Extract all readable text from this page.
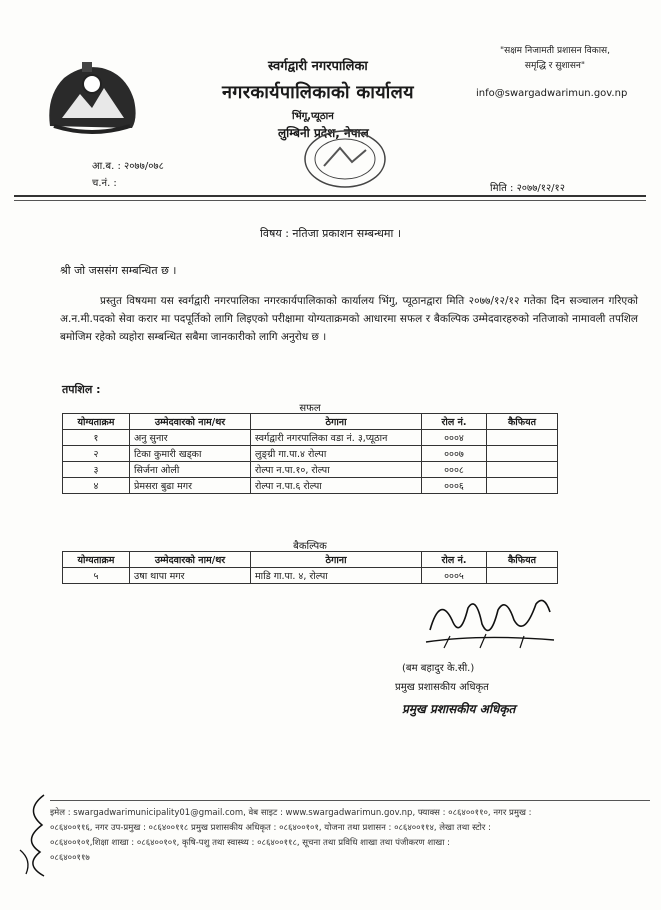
स्वर्गद्वारी नगरपालिका
नगरकार्यपालिकाको कार्यालय
भिंगू,प्यूठान
लुम्बिनी प्रदेश, नेपाल
"सक्षम निजामती प्रशासन विकास,
समृद्धि र सुशासन"
info@swargadwarimun.gov.np
आ.ब. : २०७७/०७८
च.नं. :	मिति : २०७७/१२/१२
विषय : नतिजा प्रकाशन सम्बन्धमा ।
श्री जो जससंग सम्बन्धित छ ।
प्रस्तुत विषयमा यस स्वर्गद्वारी नगरपालिका नगरकार्यपालिकाको कार्यालय भिंगु, प्यूठानद्वारा मिति २०७७/१२/१२ गतेका दिन सञ्चालन गरिएको अ.न.मी.पदको सेवा करार मा पदपूर्तिको लागि लिइएको परीक्षामा योग्यताक्रमको आधारमा सफल र बैकल्पिक उम्मेदवारहरुको नतिजाको नामावली तपशिल बमोजिम रहेको व्यहोरा सम्बन्धित सबैमा जानकारीको लागि अनुरोध छ ।
तपशिल :
सफल
योग्यताक्रम	उम्मेदवारको नाम/थर	ठेगाना	रोल नं.	कैफियत
१	अनु सुनार	स्वर्गद्वारी नगरपालिका वडा नं. ३,प्यूठान	०००४	
२	टिका कुमारी खड्का	लुङ्ग्री गा.पा.४ रोल्पा	०००७	
३	सिर्जना ओली	रोल्पा न.पा.१०, रोल्पा	०००८	
४	प्रेमसरा बुढा मगर	रोल्पा न.पा.६ रोल्पा	०००६	
बैकल्पिक
योग्यताक्रम	उम्मेदवारको नाम/थर	ठेगाना	रोल नं.	कैफियत
५	उषा थापा मगर	माडि गा.पा. ४, रोल्पा	०००५	
(बम बहादुर के.सी.)
प्रमुख प्रशासकीय अधिकृत
प्रमुख प्रशासकीय अधिकृत
इमेल : swargadwarimunicipality01@gmail.com, वेब साइट : www.swargadwarimun.gov.np, फ्याक्स : ०८६४००११०, नगर प्रमुख :
०८६४००११६, नगर उप-प्रमुख : ०८६४००११८ प्रमुख प्रशासकीय अधिकृत : ०८६४००१०१, योजना तथा प्रशासन : ०८६४००११४, लेखा तथा स्टोर :
०८६४००१०१,शिक्षा शाखा : ०८६४००१०१, कृषि-पशु तथा स्वास्थ्य : ०८६४००११८, सूचना तथा प्रविधि शाखा तथा पंजीकरण शाखा :
०८६४००११७
